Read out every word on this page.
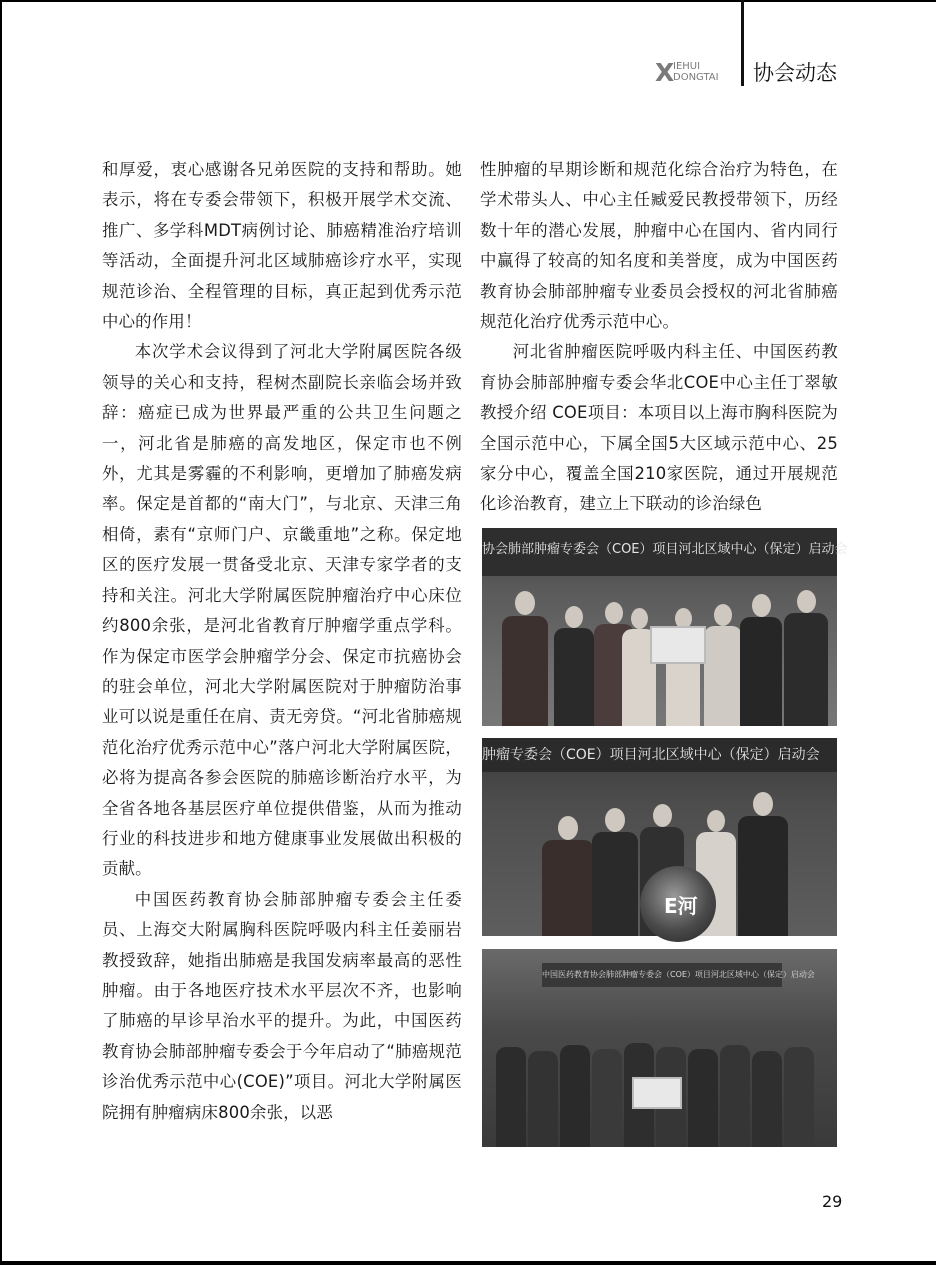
X
IEHUI
DONGTAI 协会动态

和厚爱，衷心感谢各兄弟医院的支持和帮助。她表示，将在专委会带领下，积极开展学术交流、推广、多学科MDT病例讨论、肺癌精准治疗培训等活动，全面提升河北区域肺癌诊疗水平，实现规范诊治、全程管理的目标，真正起到优秀示范中心的作用！

本次学术会议得到了河北大学附属医院各级领导的关心和支持，程树杰副院长亲临会场并致辞：癌症已成为世界最严重的公共卫生问题之一，河北省是肺癌的高发地区，保定市也不例外，尤其是雾霾的不利影响，更增加了肺癌发病率。保定是首都的“南大门”，与北京、天津三角相倚，素有“京师门户、京畿重地”之称。保定地区的医疗发展一贯备受北京、天津专家学者的支持和关注。河北大学附属医院肿瘤治疗中心床位约800余张，是河北省教育厅肿瘤学重点学科。作为保定市医学会肿瘤学分会、保定市抗癌协会的驻会单位，河北大学附属医院对于肿瘤防治事业可以说是重任在肩、责无旁贷。“河北省肺癌规范化治疗优秀示范中心”落户河北大学附属医院，必将为提高各参会医院的肺癌诊断治疗水平，为全省各地各基层医疗单位提供借鉴，从而为推动行业的科技进步和地方健康事业发展做出积极的贡献。

中国医药教育协会肺部肿瘤专委会主任委员、上海交大附属胸科医院呼吸内科主任姜丽岩教授致辞，她指出肺癌是我国发病率最高的恶性肿瘤。由于各地医疗技术水平层次不齐，也影响了肺癌的早诊早治水平的提升。为此，中国医药教育协会肺部肿瘤专委会于今年启动了“肺癌规范诊治优秀示范中心(COE)”项目。河北大学附属医院拥有肿瘤病床800余张，以恶

性肿瘤的早期诊断和规范化综合治疗为特色，在学术带头人、中心主任臧爱民教授带领下，历经数十年的潜心发展，肿瘤中心在国内、省内同行中赢得了较高的知名度和美誉度，成为中国医药教育协会肺部肿瘤专业委员会授权的河北省肺癌规范化治疗优秀示范中心。

河北省肿瘤医院呼吸内科主任、中国医药教育协会肺部肿瘤专委会华北COE中心主任丁翠敏教授介绍 COE项目：本项目以上海市胸科医院为全国示范中心，下属全国5大区域示范中心、25家分中心，覆盖全国210家医院，通过开展规范化诊治教育，建立上下联动的诊治绿色

协会肺部肿瘤专委会（COE）项目河北区域中心（保定）启动会
肿瘤专委会（COE）项目河北区域中心（保定）启动会
E河
中国医药教育协会肺部肿瘤专委会（COE）项目河北区域中心（保定）启动会
29
